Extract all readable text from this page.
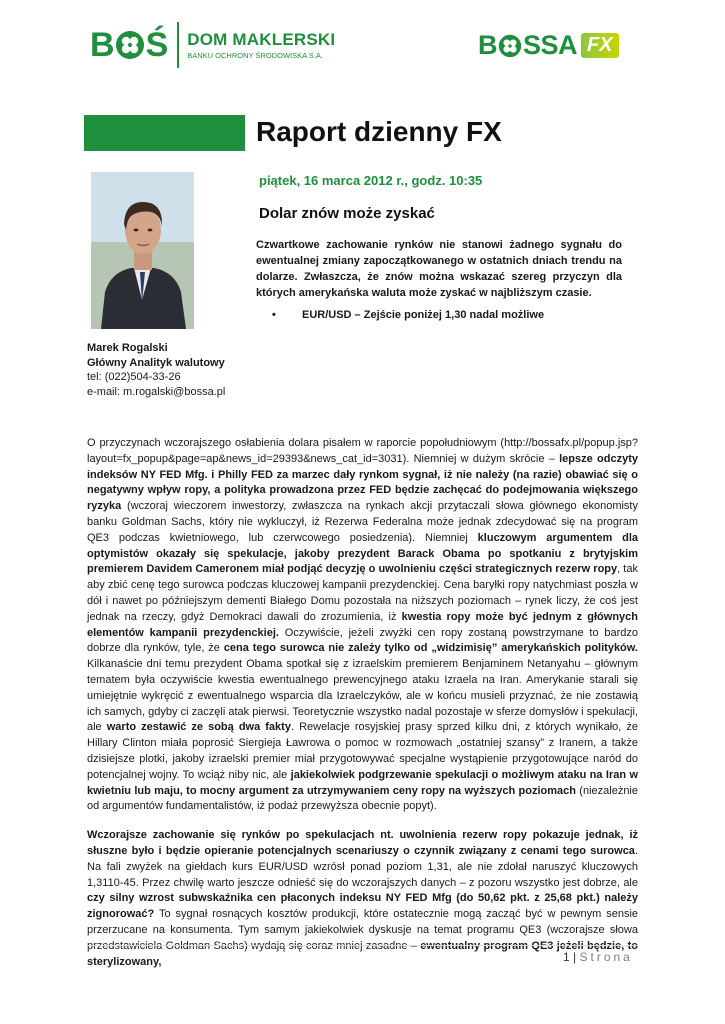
B Ś DOM MAKLERSKI
BANKU OCHRONY ŚRODOWISKA S.A.	B SSA FX
Raport dzienny FX
piątek, 16 marca 2012 r., godz. 10:35
Dolar znów może zyskać
Czwartkowe zachowanie rynków nie stanowi żadnego sygnału do ewentualnej zmiany zapoczątkowanego w ostatnich dniach trendu na dolarze. Zwłaszcza, że znów można wskazać szereg przyczyn dla których amerykańska waluta może zyskać w najbliższym czasie.
•	EUR/USD – Zejście poniżej 1,30 nadal możliwe
Marek Rogalski
Główny Analityk walutowy
tel: (022)504-33-26
e-mail: m.rogalski@bossa.pl

O przyczynach wczorajszego osłabienia dolara pisałem w raporcie popołudniowym (http://bossafx.pl/popup.jsp?layout=fx_popup&page=ap&news_id=29393&news_cat_id=3031). Niemniej w dużym skrócie – lepsze odczyty indeksów NY FED Mfg. i Philly FED za marzec dały rynkom sygnał, iż nie należy (na razie) obawiać się o negatywny wpływ ropy, a polityka prowadzona przez FED będzie zachęcać do podejmowania większego ryzyka (wczoraj wieczorem inwestorzy, zwłaszcza na rynkach akcji przytaczali słowa głównego ekonomisty banku Goldman Sachs, który nie wykluczył, iż Rezerwa Federalna może jednak zdecydować się na program QE3 podczas kwietniowego, lub czerwcowego posiedzenia). Niemniej kluczowym argumentem dla optymistów okazały się spekulacje, jakoby prezydent Barack Obama po spotkaniu z brytyjskim premierem Davidem Cameronem miał podjąć decyzję o uwolnieniu części strategicznych rezerw ropy, tak aby zbić cenę tego surowca podczas kluczowej kampanii prezydenckiej. Cena baryłki ropy natychmiast poszła w dół i nawet po późniejszym dementi Białego Domu pozostała na niższych poziomach – rynek liczy, że coś jest jednak na rzeczy, gdyż Demokraci dawali do zrozumienia, iż kwestia ropy może być jednym z głównych elementów kampanii prezydenckiej. Oczywiście, jeżeli zwyżki cen ropy zostaną powstrzymane to bardzo dobrze dla rynków, tyle, że cena tego surowca nie zależy tylko od „widzimisię” amerykańskich polityków. Kilkanaście dni temu prezydent Obama spotkał się z izraelskim premierem Benjaminem Netanyahu – głównym tematem była oczywiście kwestia ewentualnego prewencyjnego ataku Izraela na Iran. Amerykanie starali się umiejętnie wykręcić z ewentualnego wsparcia dla Izraelczyków, ale w końcu musieli przyznać, że nie zostawią ich samych, gdyby ci zaczęli atak pierwsi. Teoretycznie wszystko nadal pozostaje w sferze domysłów i spekulacji, ale warto zestawić ze sobą dwa fakty. Rewelacje rosyjskiej prasy sprzed kilku dni, z których wynikało, że Hillary Clinton miała poprosić Siergieja Ławrowa o pomoc w rozmowach „ostatniej szansy” z Iranem, a także dzisiejsze plotki, jakoby izraelski premier miał przygotowywać specjalne wystąpienie przygotowujące naród do potencjalnej wojny. To wciąż niby nic, ale jakiekolwiek podgrzewanie spekulacji o możliwym ataku na Iran w kwietniu lub maju, to mocny argument za utrzymywaniem ceny ropy na wyższych poziomach (niezależnie od argumentów fundamentalistów, iż podaż przewyższa obecnie popyt).

Wczorajsze zachowanie się rynków po spekulacjach nt. uwolnienia rezerw ropy pokazuje jednak, iż słuszne było i będzie opieranie potencjalnych scenariuszy o czynnik związany z cenami tego surowca. Na fali zwyżek na giełdach kurs EUR/USD wzrósł ponad poziom 1,31, ale nie zdołał naruszyć kluczowych 1,3110-45. Przez chwilę warto jeszcze odnieść się do wczorajszych danych – z pozoru wszystko jest dobrze, ale czy silny wzrost subwskaźnika cen płaconych indeksu NY FED Mfg (do 50,62 pkt. z 25,68 pkt.) należy zignorować? To sygnał rosnących kosztów produkcji, które ostatecznie mogą zacząć być w pewnym sensie przerzucane na konsumenta. Tym samym jakiekolwiek dyskusje na temat programu QE3 (wczorajsze słowa sterylizowany,	1 | Strona
